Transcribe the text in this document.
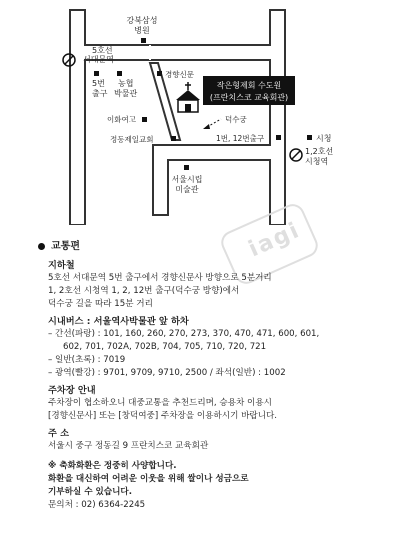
강북삼성
병원
5호선
서대문역
5번
출구
농협
박물관
경향신문
작은형제회 수도원
(프란치스코 교육회관)
이화여고
정동제일교회
덕수궁
1번, 12번출구	시청
1,2호선
시청역
서울시립
미술관
iagi
교통편
지하철
5호선 서대문역 5번 출구에서 경향신문사 방향으로 5분거리
1, 2호선 시청역 1, 2, 12번 출구(덕수궁 방향)에서
덕수궁 길을 따라 15분 거리
시내버스 : 서울역사박물관 앞 하차
– 간선(파랑) : 101, 160, 260, 270, 273, 370, 470, 471, 600, 601,
602, 701, 702A, 702B, 704, 705, 710, 720, 721
– 일반(초록) : 7019
– 광역(빨강) : 9701, 9709, 9710, 2500 / 좌석(일반) : 1002
주차장 안내
주차장이 협소하오니 대중교통을 추천드리며, 승용차 이용시
[경향신문사] 또는 [창덕여중] 주차장을 이용하시기 바랍니다.
주 소
서울시 중구 정동길 9 프란치스코 교육회관
※ 축화화환은 정중히 사양합니다.
화환을 대신하여 어려운 이웃을 위해 쌀이나 성금으로
기부하실 수 있습니다.
문의처 : 02) 6364-2245
